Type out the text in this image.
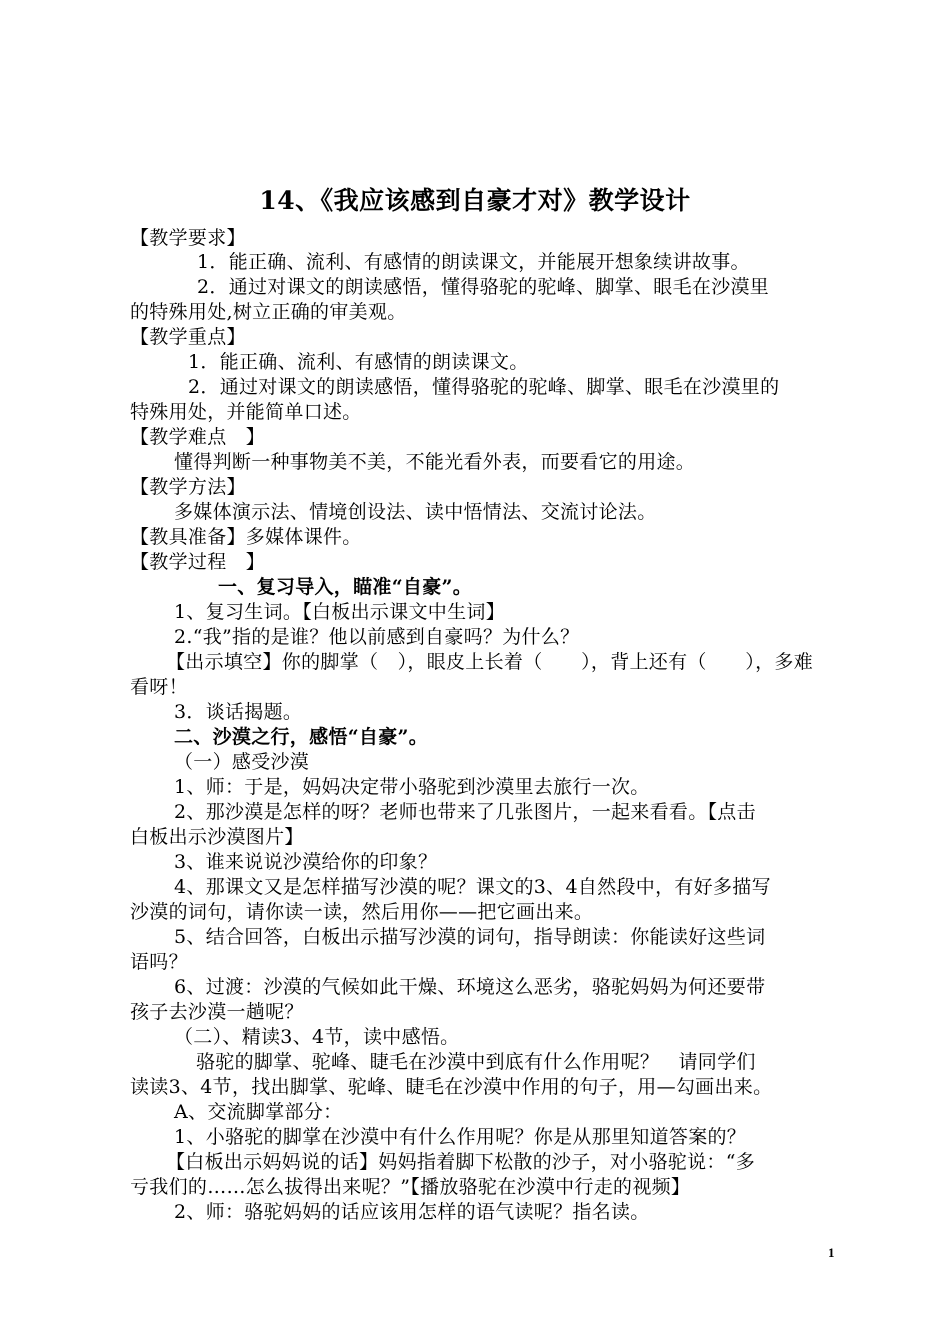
14、《我应该感到自豪才对》教学设计
【教学要求】
1．能正确、流利、有感情的朗读课文，并能展开想象续讲故事。
2．通过对课文的朗读感悟，懂得骆驼的驼峰、脚掌、眼毛在沙漠里
的特殊用处,树立正确的审美观。
【教学重点】
1．能正确、流利、有感情的朗读课文。
2．通过对课文的朗读感悟，懂得骆驼的驼峰、脚掌、眼毛在沙漠里的
特殊用处，并能简单口述。
【教学难点　】
懂得判断一种事物美不美，不能光看外表，而要看它的用途。
【教学方法】
多媒体演示法、情境创设法、读中悟情法、交流讨论法。
【教具准备】多媒体课件。
【教学过程　】
一、复习导入，瞄准“自豪”。
1、复习生词。【白板出示课文中生词】
2.“我”指的是谁？他以前感到自豪吗？为什么？
【出示填空】你的脚掌（　），眼皮上长着（　　），背上还有（　　），多难
看呀！
3．谈话揭题。
二、沙漠之行，感悟“自豪”。
（一）感受沙漠
1、师：于是，妈妈决定带小骆驼到沙漠里去旅行一次。
2、那沙漠是怎样的呀？老师也带来了几张图片，一起来看看。【点击
白板出示沙漠图片】
3、谁来说说沙漠给你的印象？
4、那课文又是怎样描写沙漠的呢？课文的3、4自然段中，有好多描写
沙漠的词句，请你读一读，然后用你——把它画出来。
5、结合回答，白板出示描写沙漠的词句，指导朗读：你能读好这些词
语吗？
6、过渡：沙漠的气候如此干燥、环境这么恶劣，骆驼妈妈为何还要带
孩子去沙漠一趟呢？
（二）、精读3、4节，读中感悟。
骆驼的脚掌、驼峰、睫毛在沙漠中到底有什么作用呢？　请同学们
读读3、4节，找出脚掌、驼峰、睫毛在沙漠中作用的句子，用—勾画出来。
A、交流脚掌部分：
1、小骆驼的脚掌在沙漠中有什么作用呢？你是从那里知道答案的？
【白板出示妈妈说的话】妈妈指着脚下松散的沙子，对小骆驼说：“多
亏我们的……怎么拔得出来呢？”【播放骆驼在沙漠中行走的视频】
2、师：骆驼妈妈的话应该用怎样的语气读呢？指名读。
1
